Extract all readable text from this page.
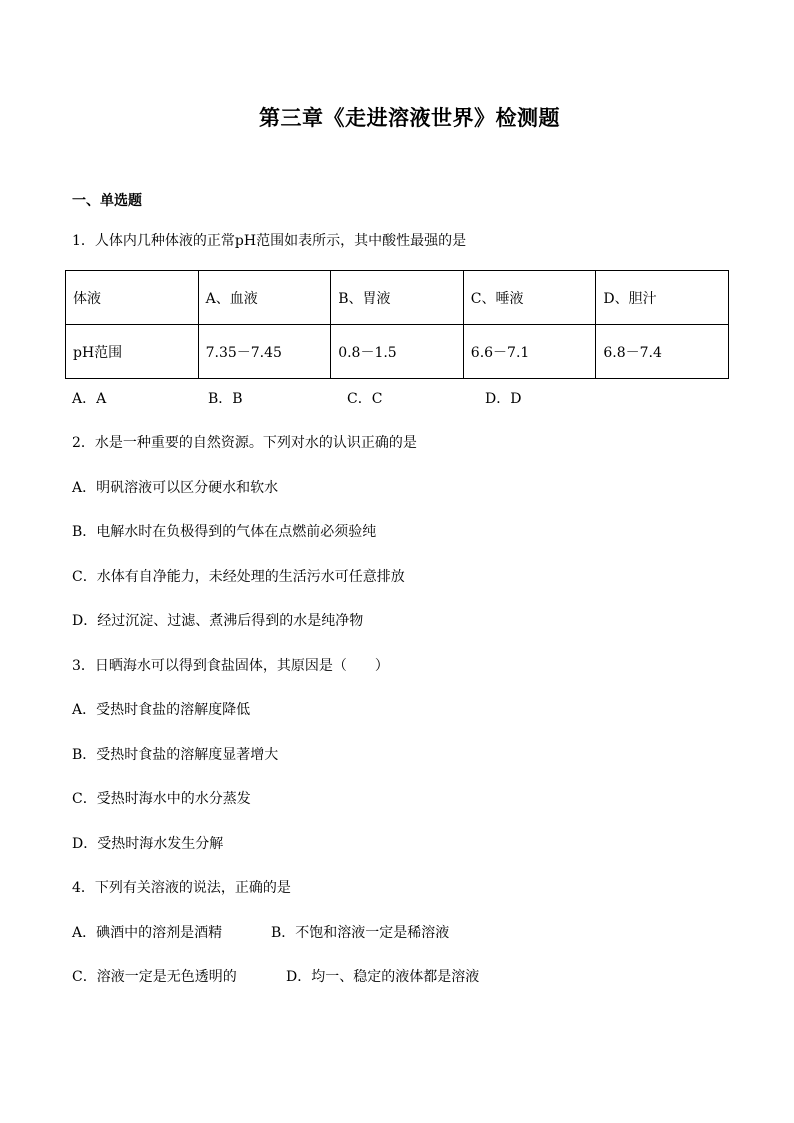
第三章《走进溶液世界》检测题
一、单选题
1．人体内几种体液的正常pH范围如表所示，其中酸性最强的是
体液	A、血液	B、胃液	C、唾液	D、胆汁
pH范围	7.35－7.45	0.8－1.5	6.6－7.1	6.8－7.4
A．A	B．B	C．C	D．D
2．水是一种重要的自然资源。下列对水的认识正确的是
A．明矾溶液可以区分硬水和软水
B．电解水时在负极得到的气体在点燃前必须验纯
C．水体有自净能力，未经处理的生活污水可任意排放
D．经过沉淀、过滤、煮沸后得到的水是纯净物
3．日晒海水可以得到食盐固体，其原因是（　　）
A．受热时食盐的溶解度降低
B．受热时食盐的溶解度显著增大
C．受热时海水中的水分蒸发
D．受热时海水发生分解
4．下列有关溶液的说法，正确的是
A．碘酒中的溶剂是酒精	B．不饱和溶液一定是稀溶液
C．溶液一定是无色透明的	D．均一、稳定的液体都是溶液
